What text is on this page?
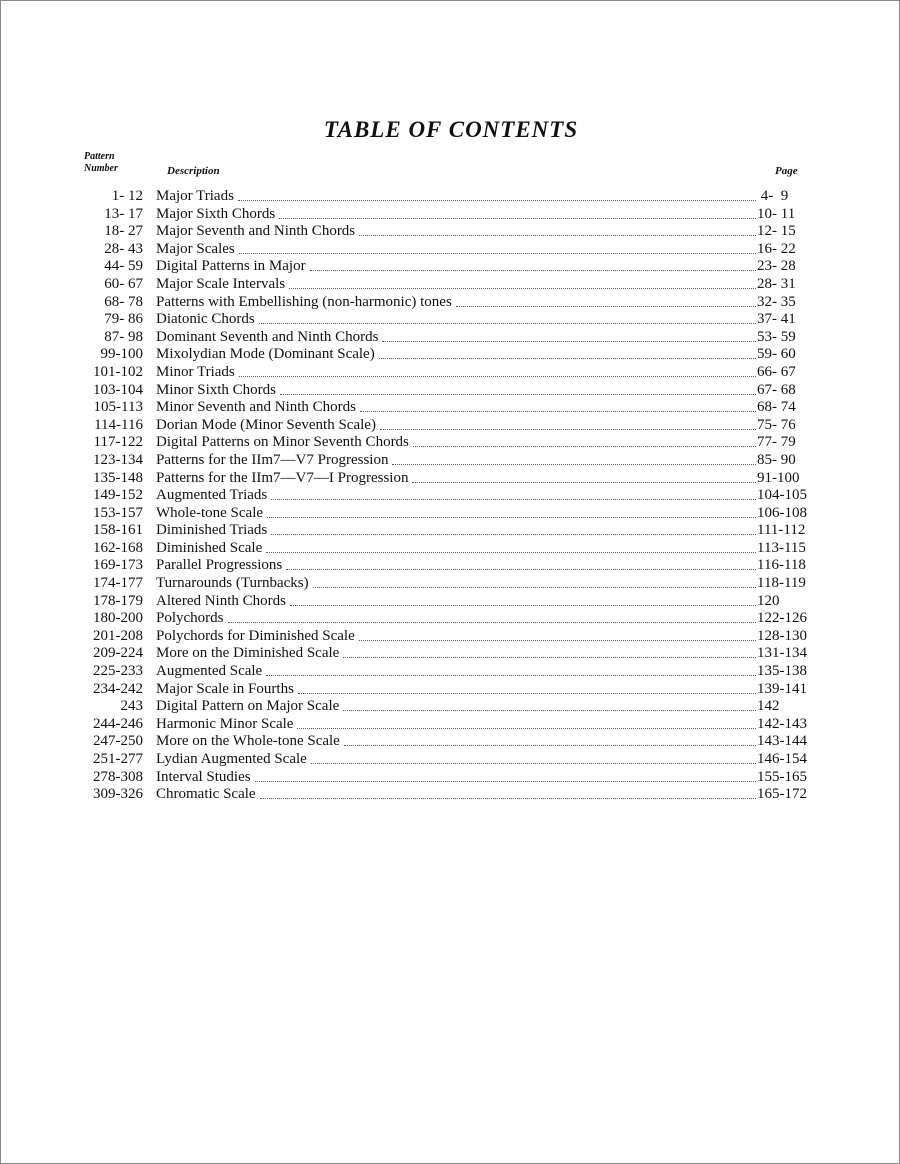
TABLE OF CONTENTS
Pattern
Number	Description	Page
1- 12 Major Triads	4-  9
13- 17 Major Sixth Chords	10- 11
18- 27 Major Seventh and Ninth Chords	12- 15
28- 43 Major Scales	16- 22
44- 59 Digital Patterns in Major	23- 28
60- 67 Major Scale Intervals	28- 31
68- 78 Patterns with Embellishing (non-harmonic) tones	32- 35
79- 86 Diatonic Chords	37- 41
87- 98 Dominant Seventh and Ninth Chords	53- 59
99-100 Mixolydian Mode (Dominant Scale)	59- 60
101-102 Minor Triads	66- 67
103-104 Minor Sixth Chords	67- 68
105-113 Minor Seventh and Ninth Chords	68- 74
114-116 Dorian Mode (Minor Seventh Scale)	75- 76
117-122 Digital Patterns on Minor Seventh Chords	77- 79
123-134 Patterns for the IIm7—V7 Progression	85- 90
135-148 Patterns for the IIm7—V7—I Progression	91-100
149-152 Augmented Triads	104-105
153-157 Whole-tone Scale	106-108
158-161 Diminished Triads	111-112
162-168 Diminished Scale	113-115
169-173 Parallel Progressions	116-118
174-177 Turnarounds (Turnbacks)	118-119
178-179 Altered Ninth Chords	120
180-200 Polychords	122-126
201-208 Polychords for Diminished Scale	128-130
209-224 More on the Diminished Scale	131-134
225-233 Augmented Scale	135-138
234-242 Major Scale in Fourths	139-141
243 Digital Pattern on Major Scale	142
244-246 Harmonic Minor Scale	142-143
247-250 More on the Whole-tone Scale	143-144
251-277 Lydian Augmented Scale	146-154
278-308 Interval Studies	155-165
309-326 Chromatic Scale	165-172
